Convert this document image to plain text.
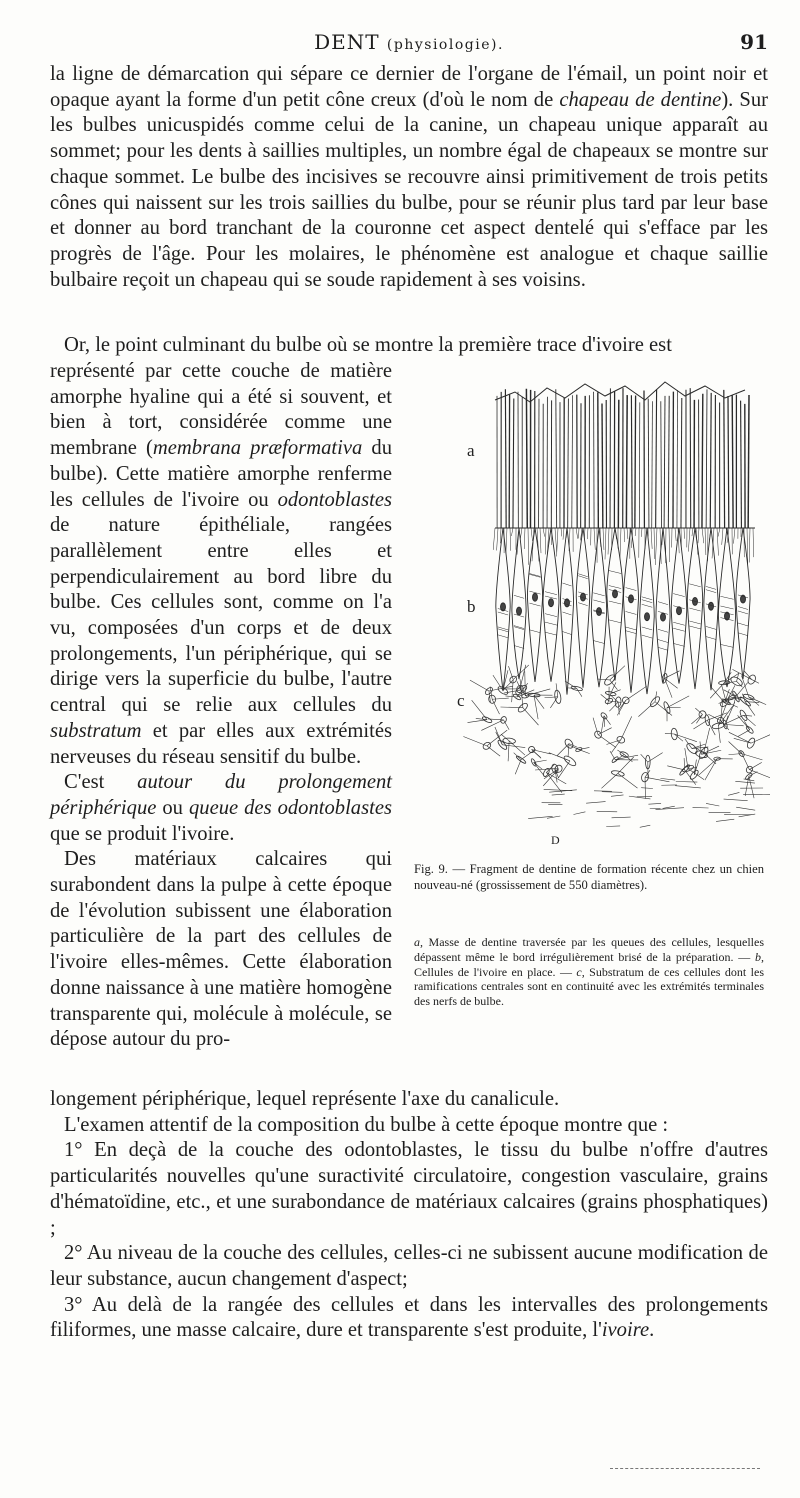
DENT (physiologie).	91

la ligne de démarcation qui sépare ce dernier de l'organe de l'émail, un point noir et opaque ayant la forme d'un petit cône creux (d'où le nom de chapeau de dentine). Sur les bulbes unicuspidés comme celui de la canine, un chapeau unique apparaît au sommet; pour les dents à saillies multiples, un nombre égal de chapeaux se montre sur chaque sommet. Le bulbe des incisives se recouvre ainsi primitivement de trois petits cônes qui naissent sur les trois saillies du bulbe, pour se réunir plus tard par leur base et donner au bord tranchant de la couronne cet aspect dentelé qui s'efface par les progrès de l'âge. Pour les molaires, le phénomène est analogue et chaque saillie bulbaire reçoit un chapeau qui se soude rapidement à ses voisins.

Or, le point culminant du bulbe où se montre la première trace d'ivoire est

représenté par cette couche de matière amorphe hyaline qui a été si souvent, et bien à tort, considérée comme une membrane (membrana præformativa du bulbe). Cette matière amorphe renferme les cellules de l'ivoire ou odontoblastes de nature épithéliale, rangées parallèlement entre elles et perpendiculairement au bord libre du bulbe. Ces cellules sont, comme on l'a vu, composées d'un corps et de deux prolongements, l'un périphérique, qui se dirige vers la superficie du bulbe, l'autre central qui se relie aux cellules du substratum et par elles aux extrémités nerveuses du réseau sensitif du bulbe.

C'est autour du prolongement périphérique ou queue des odontoblastes que se produit l'ivoire.

Des matériaux calcaires qui surabondent dans la pulpe à cette époque de l'évolution subissent une élaboration particulière de la part des cellules de l'ivoire elles-mêmes. Cette élaboration donne naissance à une matière homogène transparente qui, molécule à molécule, se dépose autour du pro-

longement périphérique, lequel représente l'axe du canalicule.

L'examen attentif de la composition du bulbe à cette époque montre que :

1° En deçà de la couche des odontoblastes, le tissu du bulbe n'offre d'autres particularités nouvelles qu'une suractivité circulatoire, congestion vasculaire, grains d'hématoïdine, etc., et une surabondance de matériaux calcaires (grains phosphatiques) ;

2° Au niveau de la couche des cellules, celles-ci ne subissent aucune modification de leur substance, aucun changement d'aspect;

3° Au delà de la rangée des cellules et dans les intervalles des prolongements filiformes, une masse calcaire, dure et transparente s'est produite, l'ivoire.

a
b
c
D
Fig. 9. — Fragment de dentine de formation récente chez un chien nouveau-né (grossissement de 550 diamètres).
a, Masse de dentine traversée par les queues des cellules, lesquelles dépassent même le bord irrégulièrement brisé de la préparation. — b, Cellules de l'ivoire en place. — c, Substratum de ces cellules dont les ramifications centrales sont en continuité avec les extrémités terminales des nerfs de bulbe.
